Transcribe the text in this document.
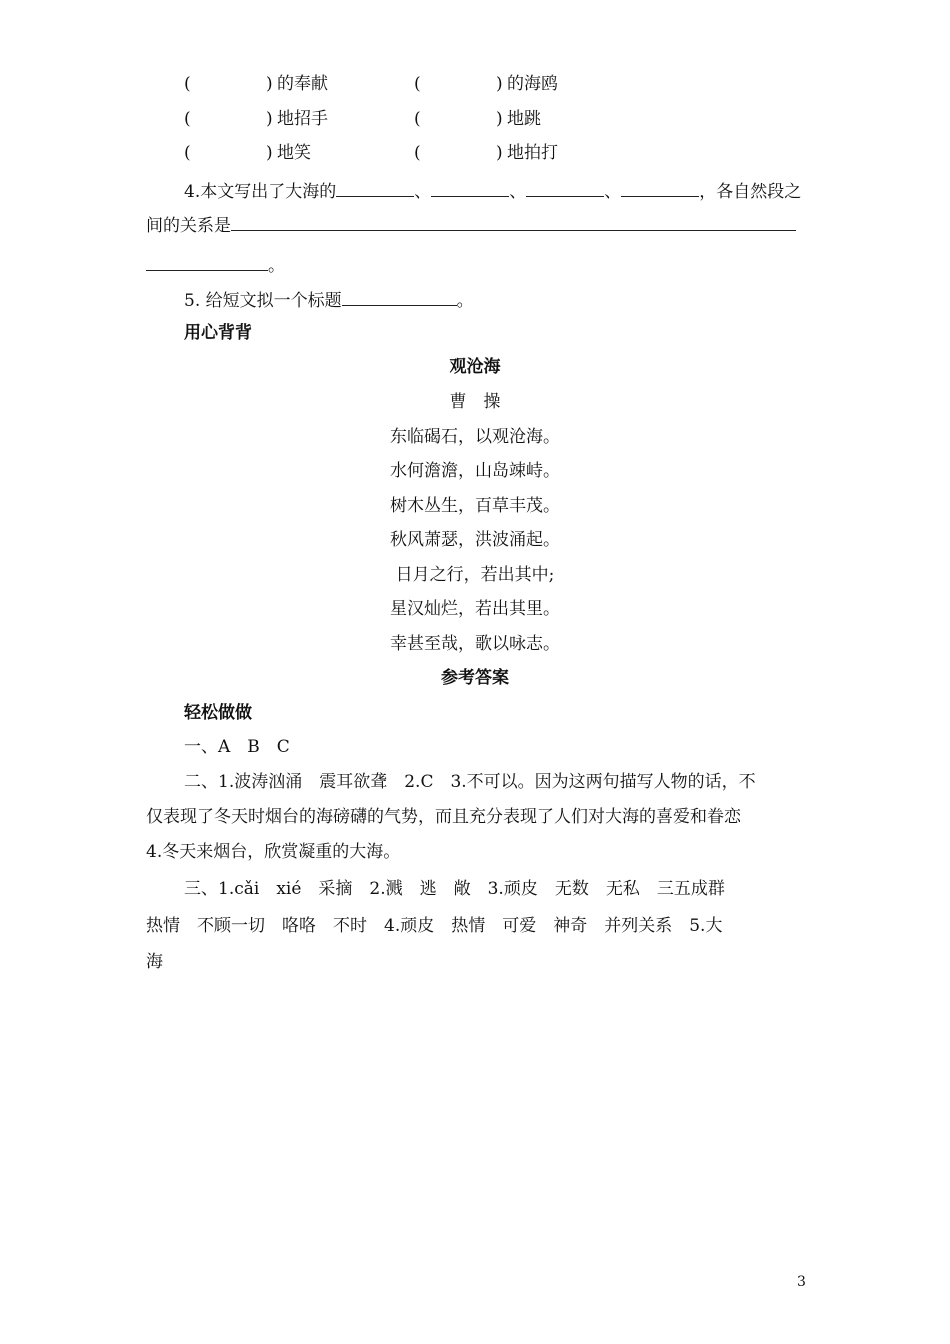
(	) 的奉献	(	) 的海鸥
(	) 地招手	(	) 地跳
(	) 地笑	(	) 地拍打
4.本文写出了大海的	、	、	、	，各自然段之
间的关系是
。
5. 给短文拟一个标题	。
用心背背
观沧海
曹　操
东临碣石，以观沧海。
水何澹澹，山岛竦峙。
树木丛生，百草丰茂。
秋风萧瑟，洪波涌起。
日月之行，若出其中;
星汉灿烂，若出其里。
幸甚至哉，歌以咏志。
参考答案
轻松做做
一、A　B　C
二、1.波涛汹涌　震耳欲聋　2.C　3.不可以。因为这两句描写人物的话，不
仅表现了冬天时烟台的海磅礴的气势，而且充分表现了人们对大海的喜爱和眷恋
4.冬天来烟台，欣赏凝重的大海。
三、1.cǎi　xié　采摘　2.溅　逃　敞　3.顽皮　无数　无私　三五成群
热情　不顾一切　咯咯　不时　4.顽皮　热情　可爱　神奇　并列关系　5.大
海
3
